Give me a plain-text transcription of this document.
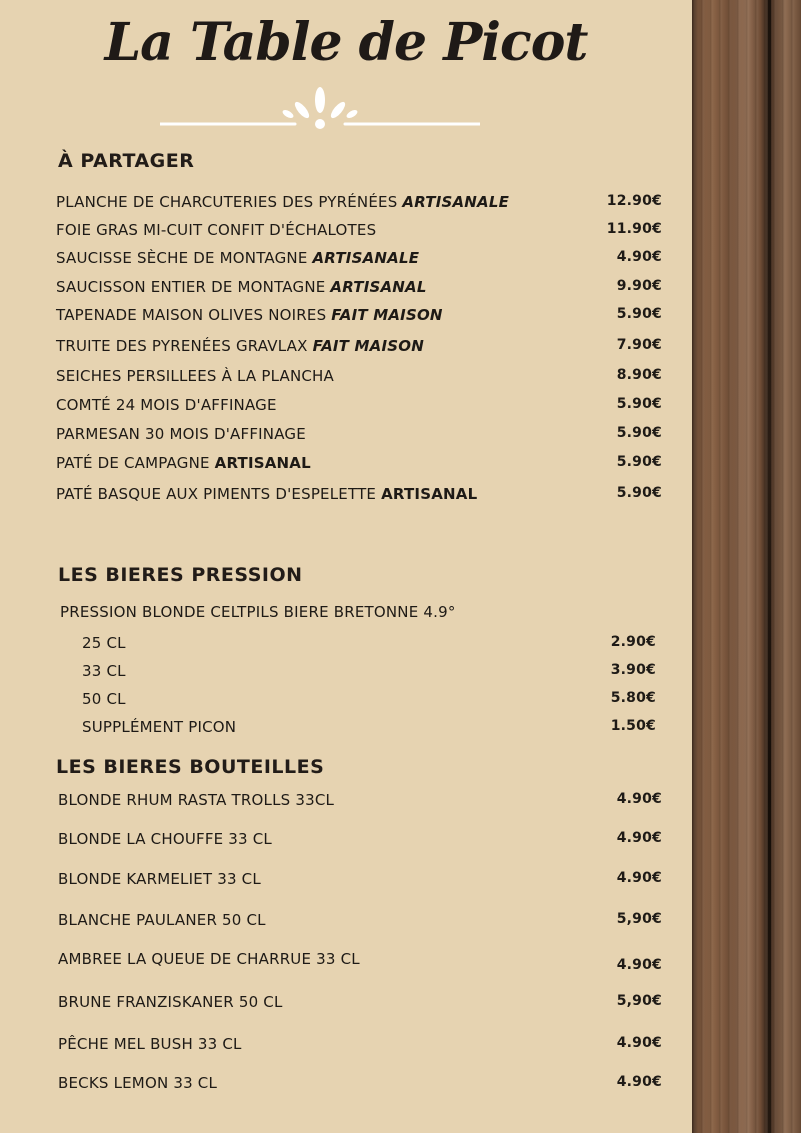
La Table de Picot
À PARTAGER
PLANCHE DE CHARCUTERIES DES PYRÉNÉES ARTISANALE	12.90€
FOIE GRAS MI-CUIT CONFIT D'ÉCHALOTES	11.90€
SAUCISSE SÈCHE DE MONTAGNE ARTISANALE	4.90€
SAUCISSON ENTIER DE MONTAGNE ARTISANAL	9.90€
TAPENADE MAISON OLIVES NOIRES FAIT MAISON	5.90€
TRUITE DES PYRENÉES GRAVLAX FAIT MAISON	7.90€
SEICHES PERSILLEES À LA PLANCHA	8.90€
COMTÉ 24 MOIS D'AFFINAGE	5.90€
PARMESAN 30 MOIS D'AFFINAGE	5.90€
PATÉ DE CAMPAGNE ARTISANAL	5.90€
PATÉ BASQUE AUX PIMENTS D'ESPELETTE ARTISANAL	5.90€
LES BIERES PRESSION
PRESSION BLONDE CELTPILS BIERE BRETONNE 4.9°
25 CL	2.90€
33 CL	3.90€
50 CL	5.80€
SUPPLÉMENT PICON	1.50€
LES BIERES BOUTEILLES
BLONDE RHUM RASTA TROLLS 33CL	4.90€
BLONDE LA CHOUFFE 33 CL	4.90€
BLONDE KARMELIET 33 CL	4.90€
BLANCHE PAULANER 50 CL	5,90€
AMBREE LA QUEUE DE CHARRUE 33 CL	4.90€
BRUNE FRANZISKANER 50 CL	5,90€
PÊCHE MEL BUSH 33 CL	4.90€
BECKS LEMON 33 CL	4.90€
